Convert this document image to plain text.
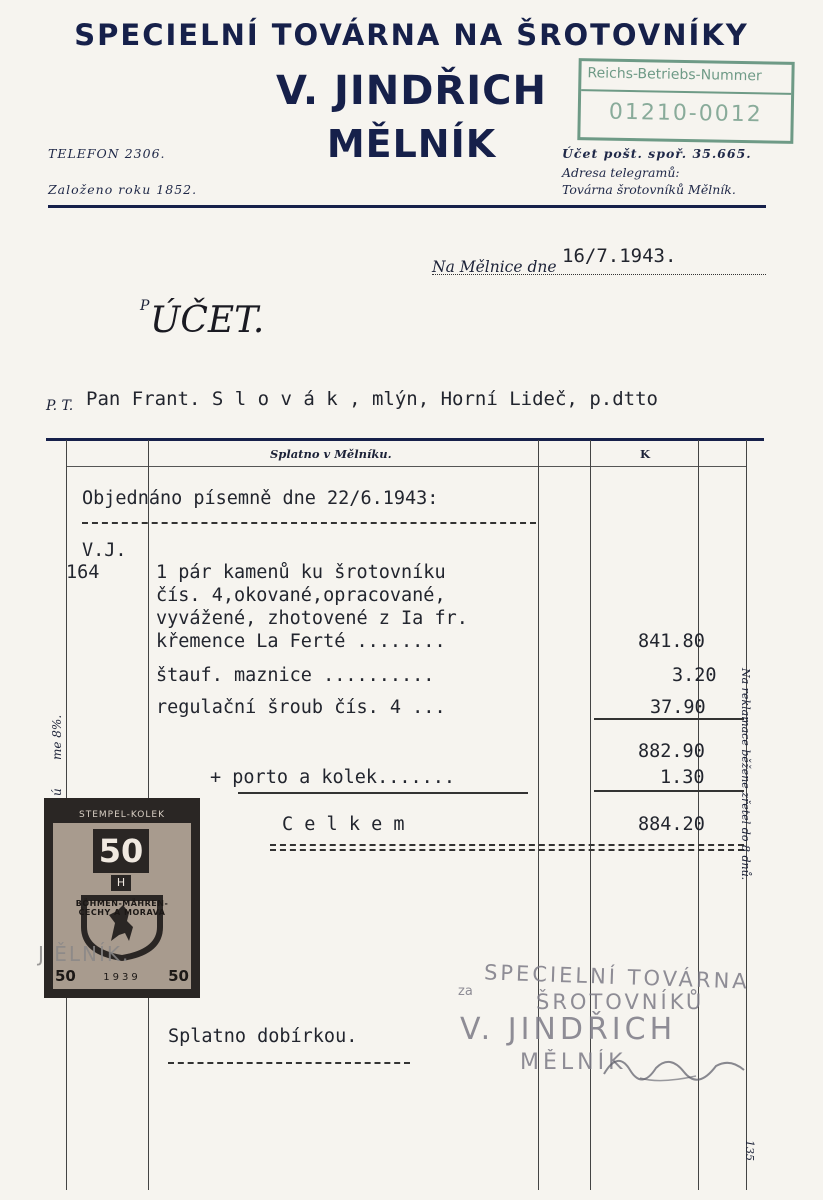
SPECIELNÍ TOVÁRNA NA ŠROTOVNÍKY
V. JINDŘICH
MĚLNÍK
TELEFON 2306.
Založeno roku 1852.
Účet pošt. spoř. 35.665.
Adresa telegramů:
Továrna šrotovníků Mělník.
Reichs-Betriebs-Nummer
01210-0012
Na Mělnice dne 16/7.1943.
P ÚČET.
P. T. Pan Frant. S l o v á k , mlýn, Horní Lideč, p.dtto
Splatno v Mělníku.	K
Objednáno písemně dne 22/6.1943:
V.J.
164	1 pár kamenů ku šrotovníku
čís. 4,okované,opracované,
vyvážené, zhotovené z Ia fr.
křemence La Ferté ........	841.80
štauf. maznice ..........	3.20
regulační šroub čís. 4 ...	37.90
882.90
+ porto a kolek.......	1.30
C e l k e m	884.20	Na reklamace běžene zřetel do 8 dnů.
me 8%.
ú
STEMPEL-KOLEK
50
H
BÖHMEN-MÄHREN-ČECHY A MORAVA
50	50
1939
J ĚLNÍK.
za SPECIELNÍ TOVÁRNA
ŠROTOVNÍKŮ
V. JINDŘICH
MĚLNÍK
Splatno dobírkou.
135
